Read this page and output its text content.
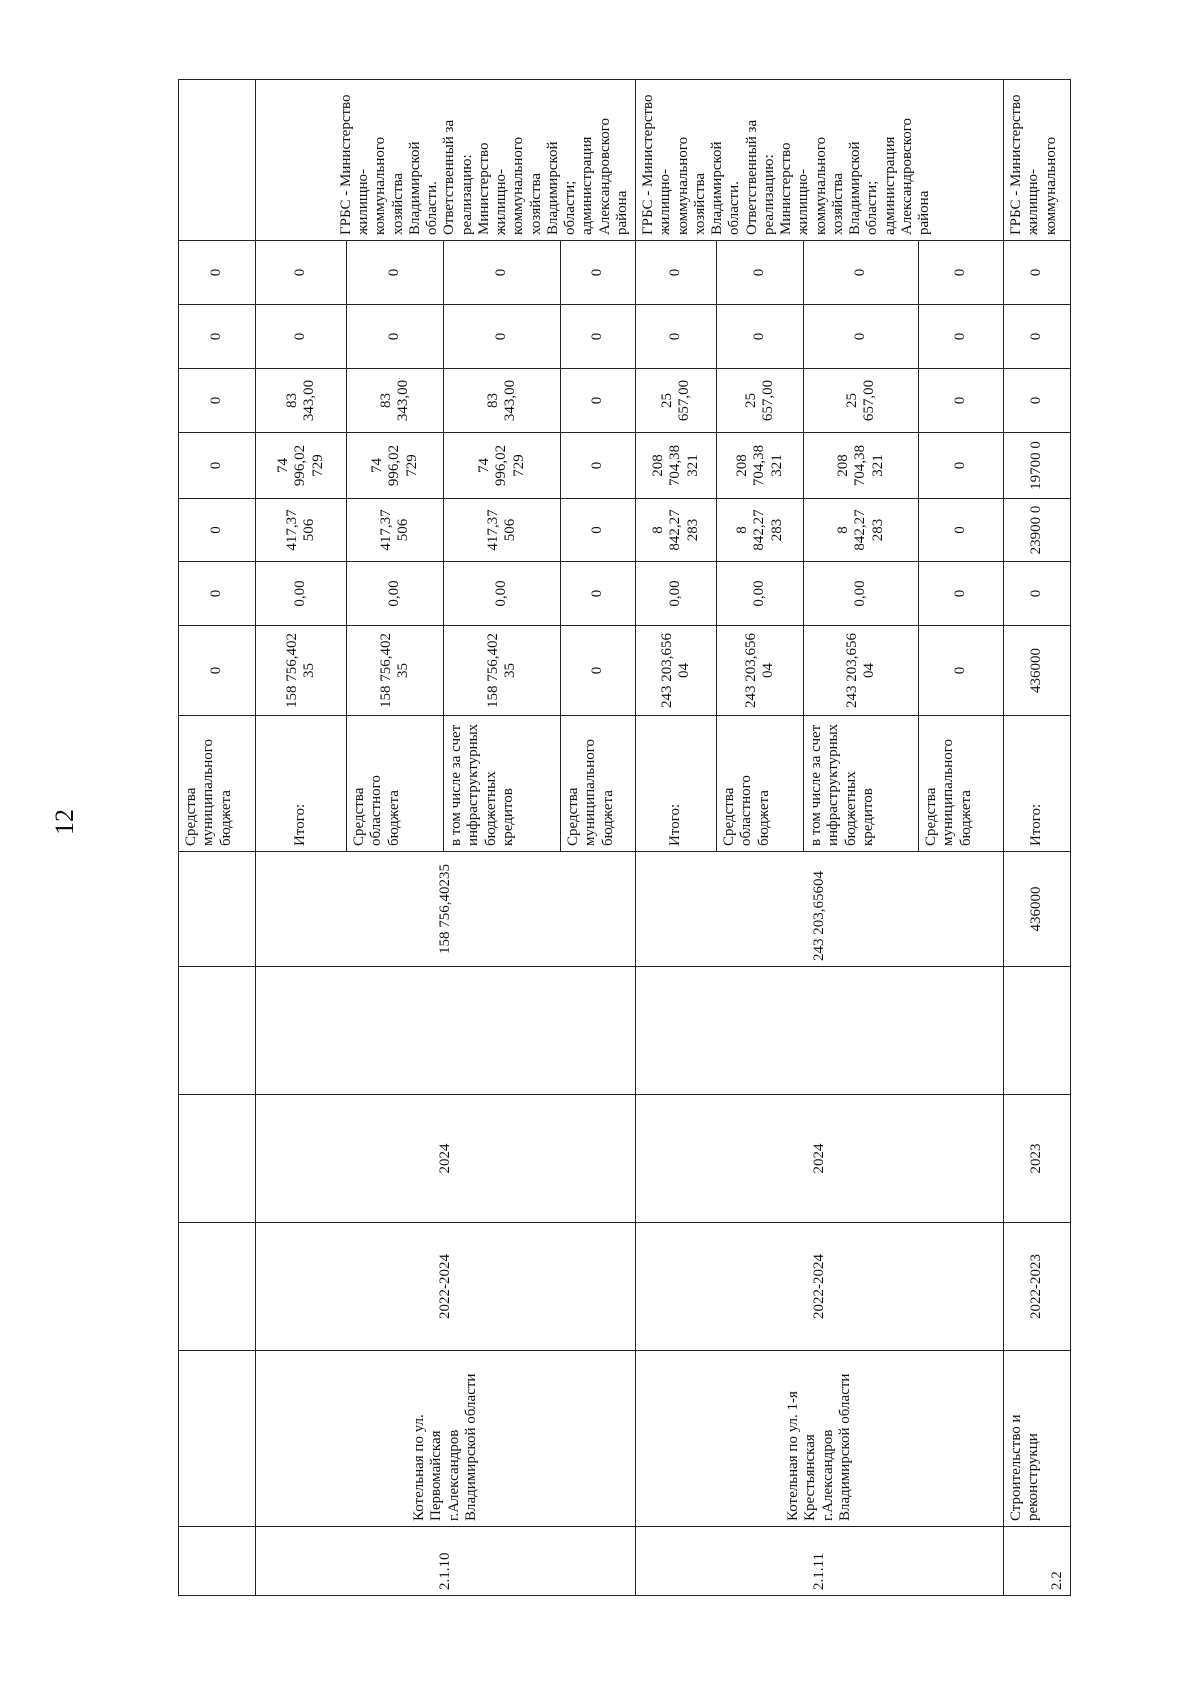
12
							Средства муниципального бюджета	0	0	0	0	0	0	0	
2.1.10	Котельная по ул. Первомайская г.Александров Владимирской области	2022-2024	2024		158 756,40235	Итого:	158 756,402 35	0,00	417,37 506	74 996,02 729	83 343,00	0	0	ГРБС - Министерство жилищно-коммунального хозяйства Владимирской области. Ответственный за реализацию: Министерство жилищно-коммунального хозяйства Владимирской области; администрация Александровского района
						Средства областного бюджета	158 756,402 35	0,00	417,37 506	74 996,02 729	83 343,00	0	0	
						в том числе за счет инфраструктурных бюджетных кредитов	158 756,402 35	0,00	417,37 506	74 996,02 729	83 343,00	0	0	
						Средства муниципального бюджета	0	0	0	0	0	0	0	
2.1.11	Котельная по ул. 1-я Крестьянская г.Александров Владимирской области	2022-2024	2024		243 203,65604	Итого:	243 203,656 04	0,00	8 842,27 283	208 704,38 321	25 657,00	0	0	ГРБС - Министерство жилищно-коммунального хозяйства Владимирской области. Ответственный за реализацию: Министерство жилищно-коммунального хозяйства Владимирской области; администрация Александровского района
						Средства областного бюджета	243 203,656 04	0,00	8 842,27 283	208 704,38 321	25 657,00	0	0	
						в том числе за счет инфраструктурных бюджетных кредитов	243 203,656 04	0,00	8 842,27 283	208 704,38 321	25 657,00	0	0	
						Средства муниципального бюджета	0	0	0	0	0	0	0	
2.2	Строительство и реконструкци	2022-2023	2023		436000	Итого:	436000	0	23900 0	19700 0	0	0	0	ГРБС - Министерство жилищно-коммунального
